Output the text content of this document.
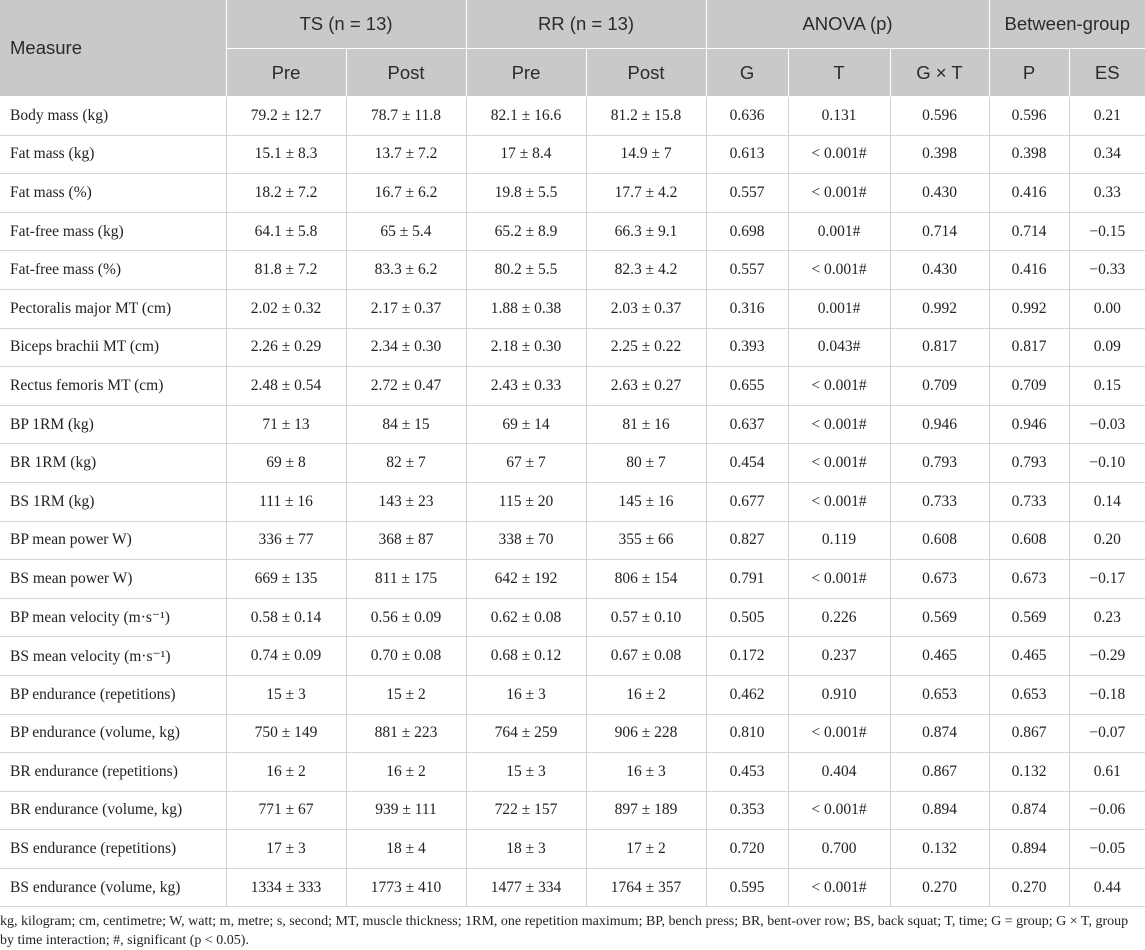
Measure	TS (n = 13)		RR (n = 13)		ANOVA (p)			Between-group	
	Pre	Post	Pre	Post	G	T	G × T	P	ES
Body mass (kg)	79.2 ± 12.7	78.7 ± 11.8	82.1 ± 16.6	81.2 ± 15.8	0.636	0.131	0.596	0.596	0.21
Fat mass (kg)	15.1 ± 8.3	13.7 ± 7.2	17 ± 8.4	14.9 ± 7	0.613	< 0.001#	0.398	0.398	0.34
Fat mass (%)	18.2 ± 7.2	16.7 ± 6.2	19.8 ± 5.5	17.7 ± 4.2	0.557	< 0.001#	0.430	0.416	0.33
Fat-free mass (kg)	64.1 ± 5.8	65 ± 5.4	65.2 ± 8.9	66.3 ± 9.1	0.698	0.001#	0.714	0.714	−0.15
Fat-free mass (%)	81.8 ± 7.2	83.3 ± 6.2	80.2 ± 5.5	82.3 ± 4.2	0.557	< 0.001#	0.430	0.416	−0.33
Pectoralis major MT (cm)	2.02 ± 0.32	2.17 ± 0.37	1.88 ± 0.38	2.03 ± 0.37	0.316	0.001#	0.992	0.992	0.00
Biceps brachii MT (cm)	2.26 ± 0.29	2.34 ± 0.30	2.18 ± 0.30	2.25 ± 0.22	0.393	0.043#	0.817	0.817	0.09
Rectus femoris MT (cm)	2.48 ± 0.54	2.72 ± 0.47	2.43 ± 0.33	2.63 ± 0.27	0.655	< 0.001#	0.709	0.709	0.15
BP 1RM (kg)	71 ± 13	84 ± 15	69 ± 14	81 ± 16	0.637	< 0.001#	0.946	0.946	−0.03
BR 1RM (kg)	69 ± 8	82 ± 7	67 ± 7	80 ± 7	0.454	< 0.001#	0.793	0.793	−0.10
BS 1RM (kg)	111 ± 16	143 ± 23	115 ± 20	145 ± 16	0.677	< 0.001#	0.733	0.733	0.14
BP mean power W)	336 ± 77	368 ± 87	338 ± 70	355 ± 66	0.827	0.119	0.608	0.608	0.20
BS mean power W)	669 ± 135	811 ± 175	642 ± 192	806 ± 154	0.791	< 0.001#	0.673	0.673	−0.17
BP mean velocity (m·s⁻¹)	0.58 ± 0.14	0.56 ± 0.09	0.62 ± 0.08	0.57 ± 0.10	0.505	0.226	0.569	0.569	0.23
BS mean velocity (m·s⁻¹)	0.74 ± 0.09	0.70 ± 0.08	0.68 ± 0.12	0.67 ± 0.08	0.172	0.237	0.465	0.465	−0.29
BP endurance (repetitions)	15 ± 3	15 ± 2	16 ± 3	16 ± 2	0.462	0.910	0.653	0.653	−0.18
BP endurance (volume, kg)	750 ± 149	881 ± 223	764 ± 259	906 ± 228	0.810	< 0.001#	0.874	0.867	−0.07
BR endurance (repetitions)	16 ± 2	16 ± 2	15 ± 3	16 ± 3	0.453	0.404	0.867	0.132	0.61
BR endurance (volume, kg)	771 ± 67	939 ± 111	722 ± 157	897 ± 189	0.353	< 0.001#	0.894	0.874	−0.06
BS endurance (repetitions)	17 ± 3	18 ± 4	18 ± 3	17 ± 2	0.720	0.700	0.132	0.894	−0.05
BS endurance (volume, kg)	1334 ± 333	1773 ± 410	1477 ± 334	1764 ± 357	0.595	< 0.001#	0.270	0.270	0.44
kg, kilogram; cm, centimetre; W, watt; m, metre; s, second; MT, muscle thickness; 1RM, one repetition maximum; BP, bench press; BR, bent-over row; BS, back squat; T, time; G = group; G × T, group by time interaction; #, significant (p < 0.05).
